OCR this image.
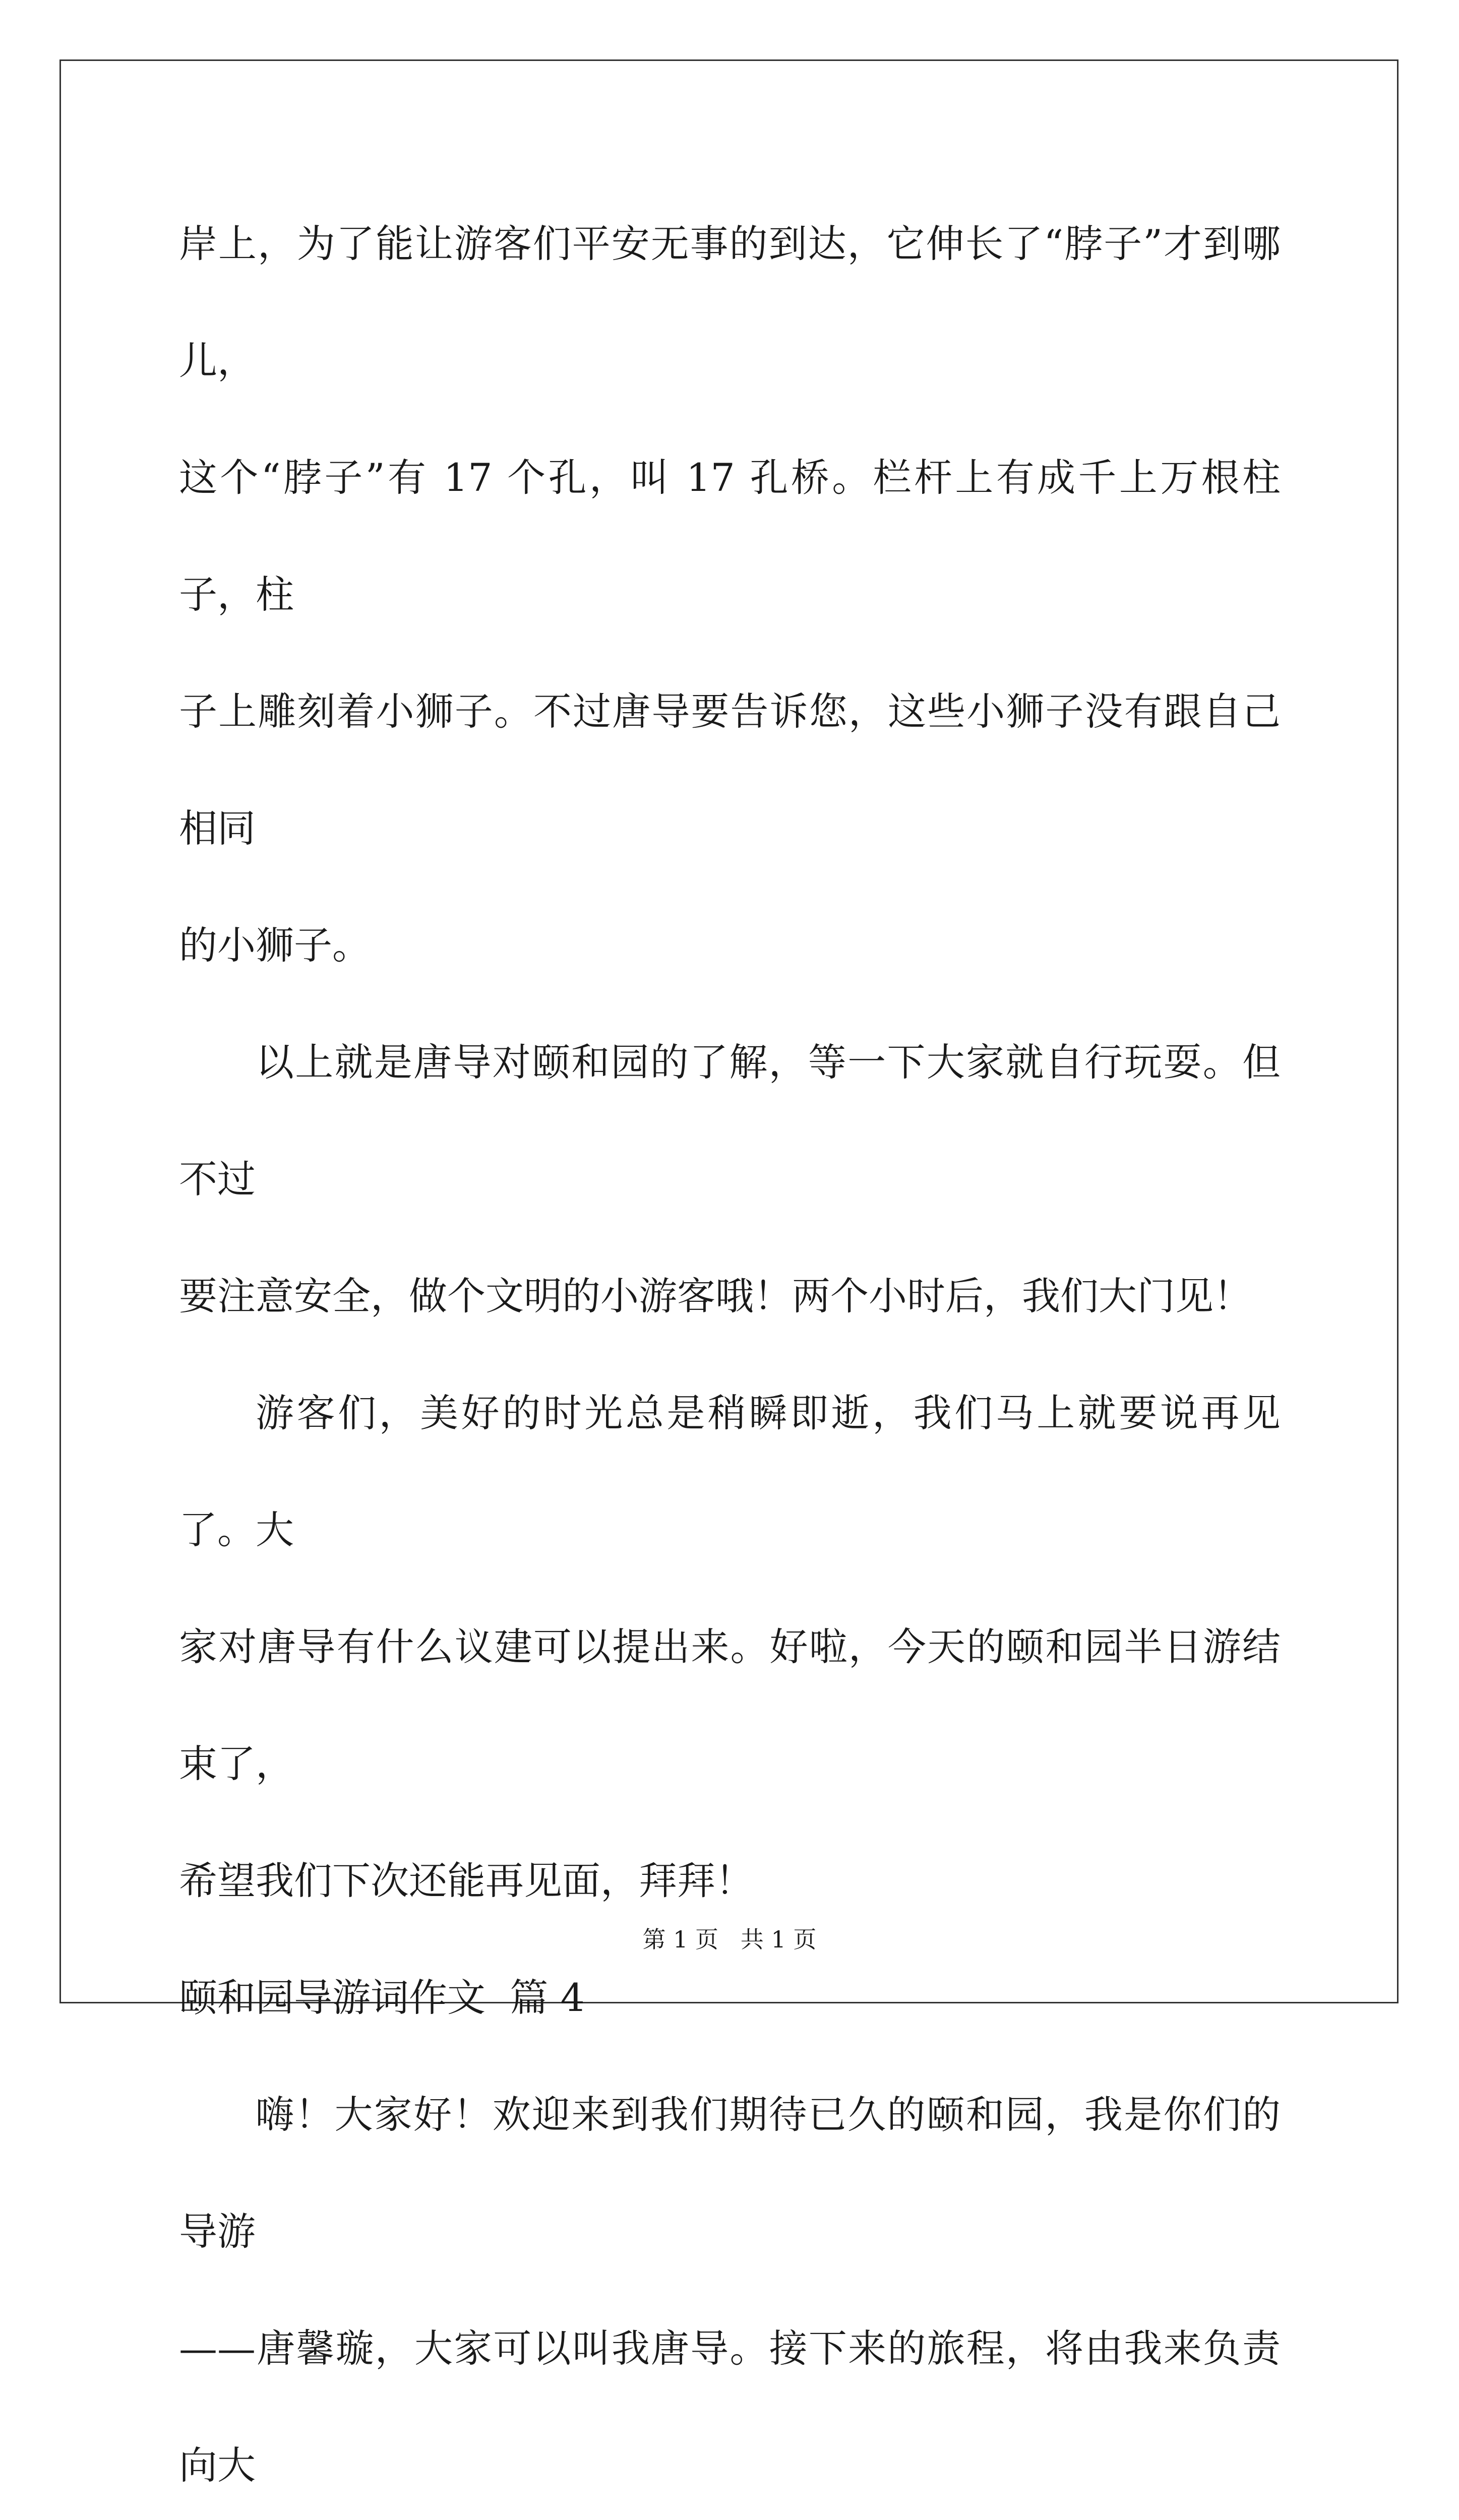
岸上，为了能让游客们平安无事的到达，它伸长了“脖子”才到哪儿，
这个“脖子”有 17 个孔，叫 17 孔桥。栏杆上有成千上万根柱子，柱
子上雕刻着小狮子。不过唐导要告诉您，这些小狮子没有跟自己相同
的小狮子。
以上就是唐导对颐和园的了解，等一下大家就自行玩耍。但不过
要注意安全，做个文明的小游客哦！两个小时后，我们大门见！
游客们，美好的时光总是稍瞬即逝，我们马上就要说再见了。大
家对唐导有什么议建可以提出来。好啦，今天的颐和园半日游结束了，
希望我们下次还能再见面，拜拜！
颐和园导游词作文  篇 4
嗨！大家好！欢迎来到我们期待已久的颐和园，我是你们的导游
——唐馨璇，大家可以叫我唐导。接下来的旅程，将由我来负责向大
第 1 页   共 1 页
